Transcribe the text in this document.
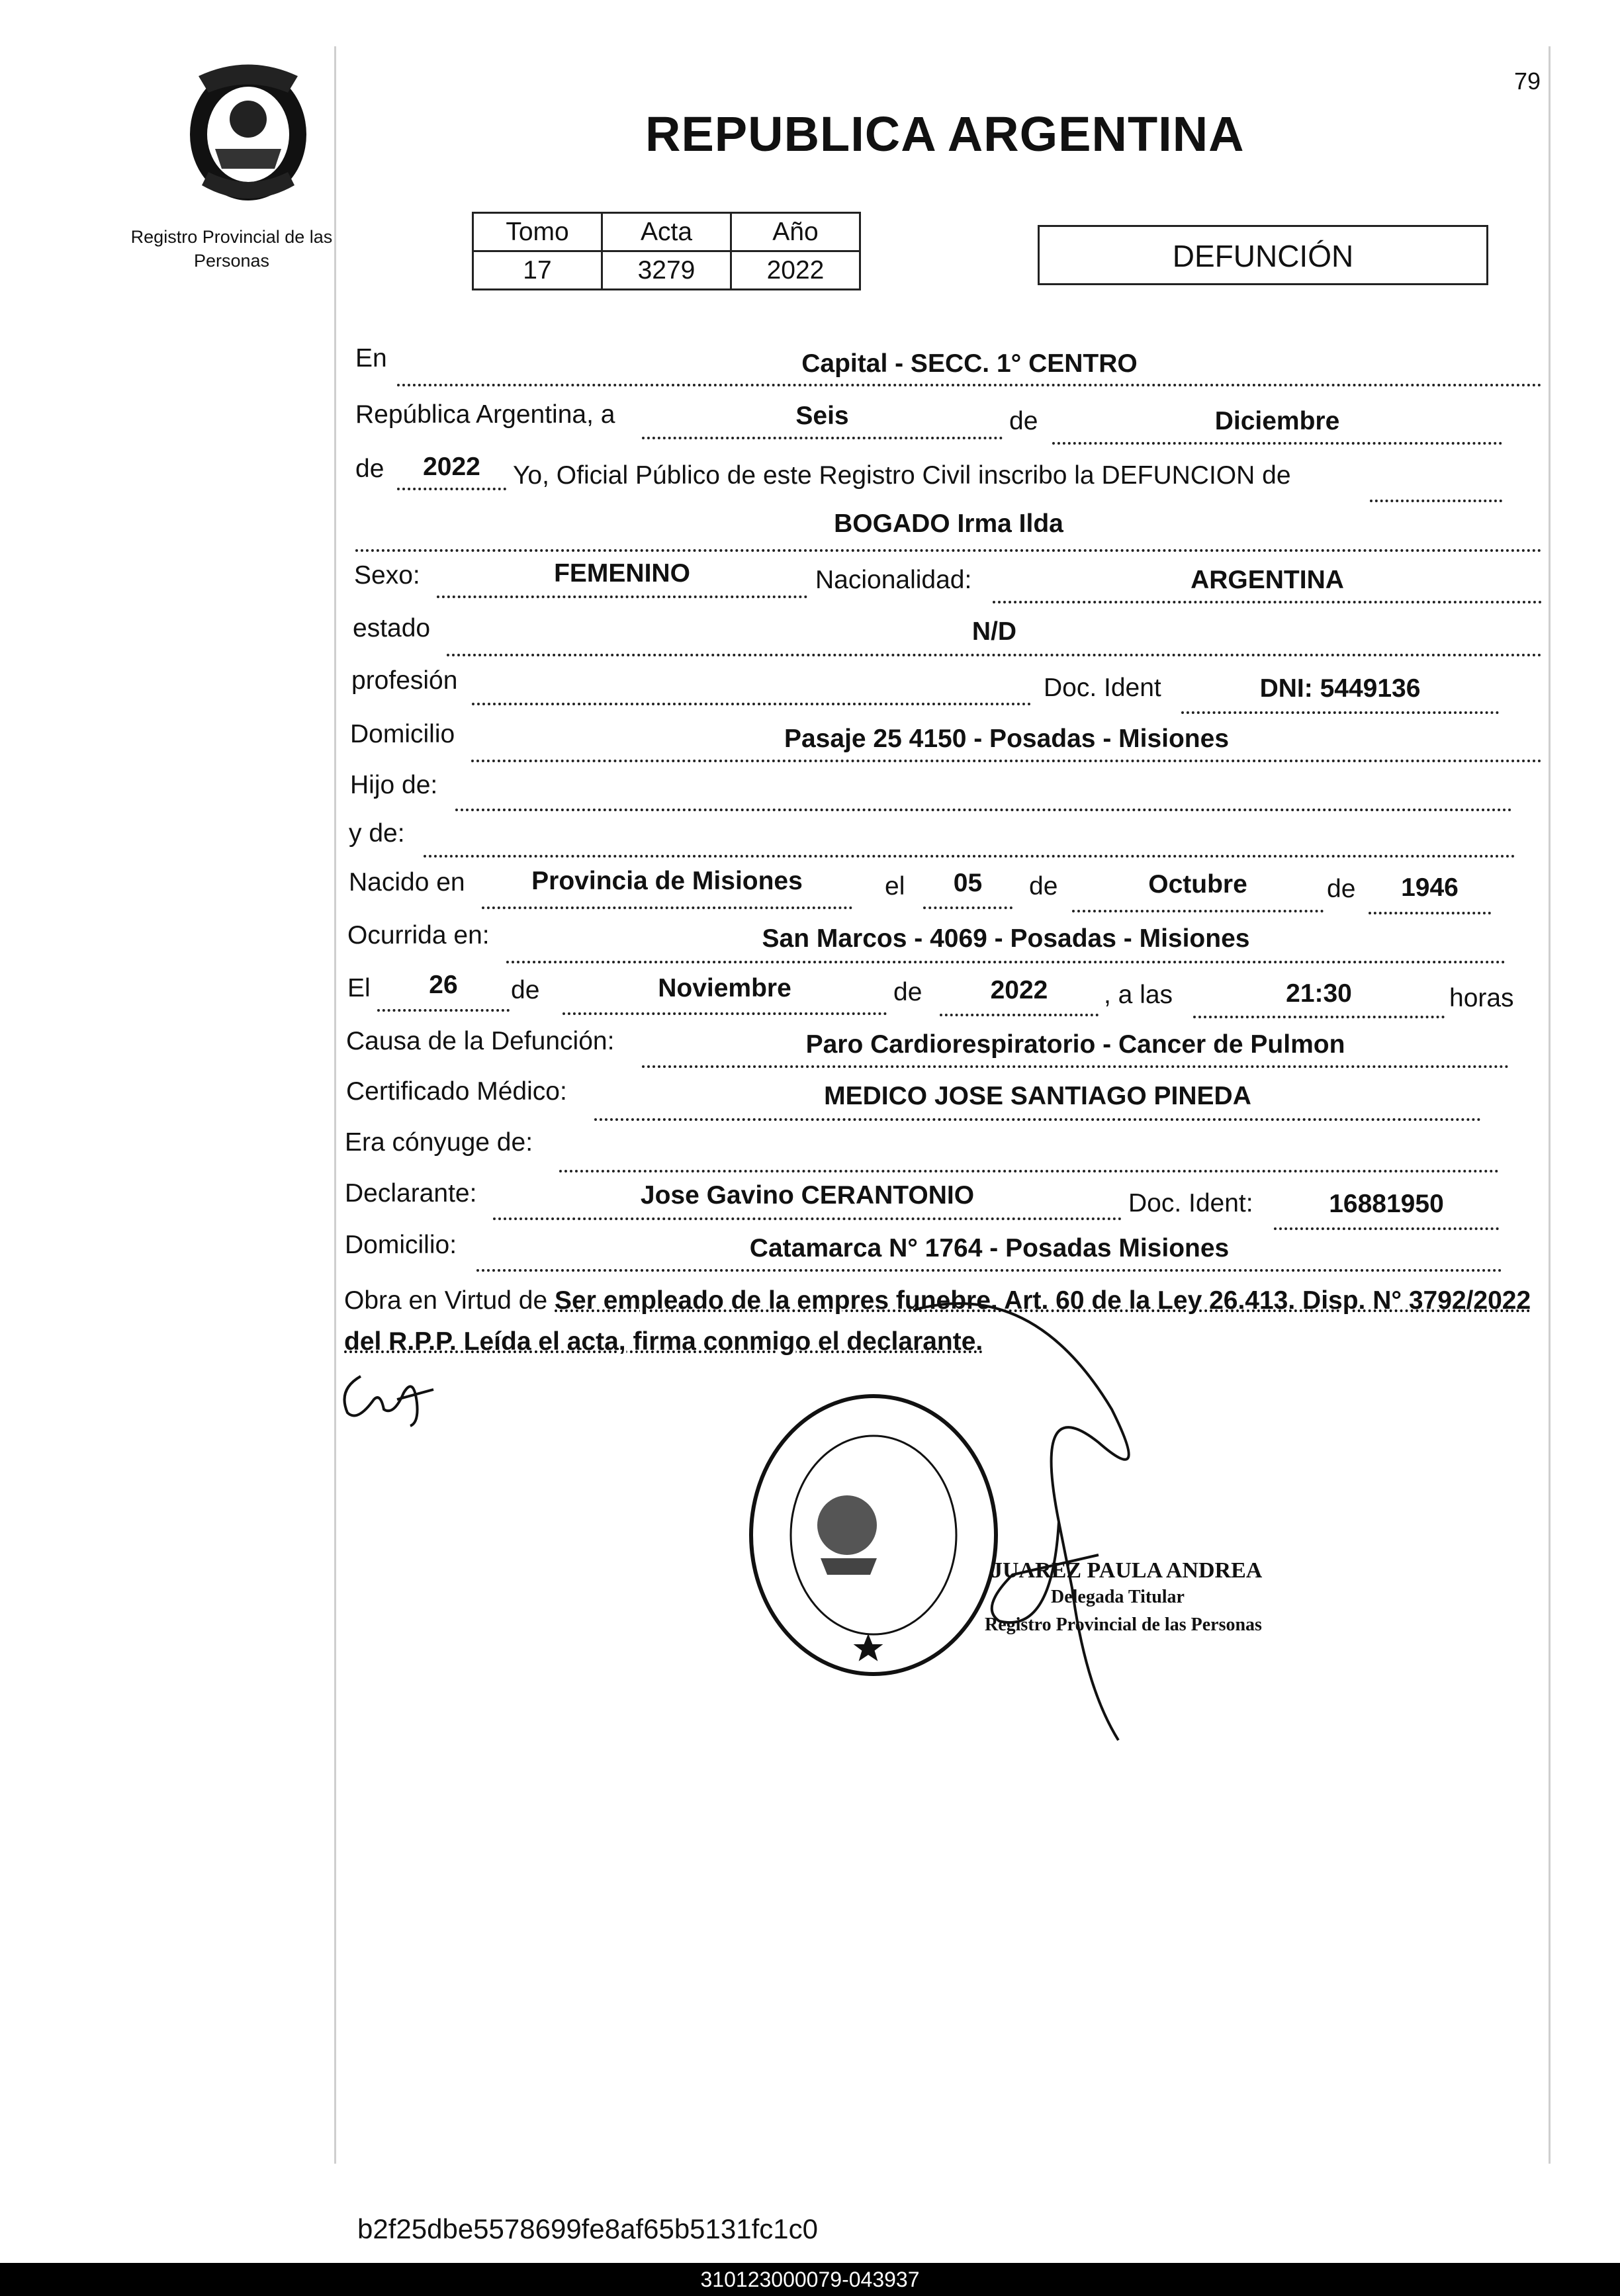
79
Registro Provincial de las Personas
REPUBLICA ARGENTINA
Tomo	Acta	Año
17	3279	2022	DEFUNCIÓN
En	Capital - SECC. 1° CENTRO
República Argentina, a	Seis	de	Diciembre
de	2022	Yo, Oficial Público de este Registro Civil inscribo la DEFUNCION de
BOGADO Irma Ilda
Sexo:	FEMENINO	Nacionalidad:	ARGENTINA
estado	N/D
profesión	Doc. Ident	DNI: 5449136
Domicilio	Pasaje 25 4150 - Posadas - Misiones
Hijo de:
y de:
Nacido en	Provincia de Misiones	el	05	de	Octubre	de	1946
Ocurrida en:	San Marcos - 4069 - Posadas - Misiones
El	26	de	Noviembre	de	2022	, a las	21:30	horas
Causa de la Defunción:	Paro Cardiorespiratorio - Cancer de Pulmon
Certificado Médico:	MEDICO JOSE SANTIAGO PINEDA
Era cónyuge de:
Declarante:	Jose Gavino CERANTONIO	Doc. Ident:	16881950
Domicilio:	Catamarca N° 1764 - Posadas Misiones
Obra en Virtud de Ser empleado de la empres funebre. Art. 60 de la Ley 26.413. Disp. N° 3792/2022 del R.P.P. Leída el acta, firma conmigo el declarante.
JUAREZ PAULA ANDREA
Delegada Titular
Registro Provincial de las Personas
b2f25dbe5578699fe8af65b5131fc1c0
310123000079-043937
